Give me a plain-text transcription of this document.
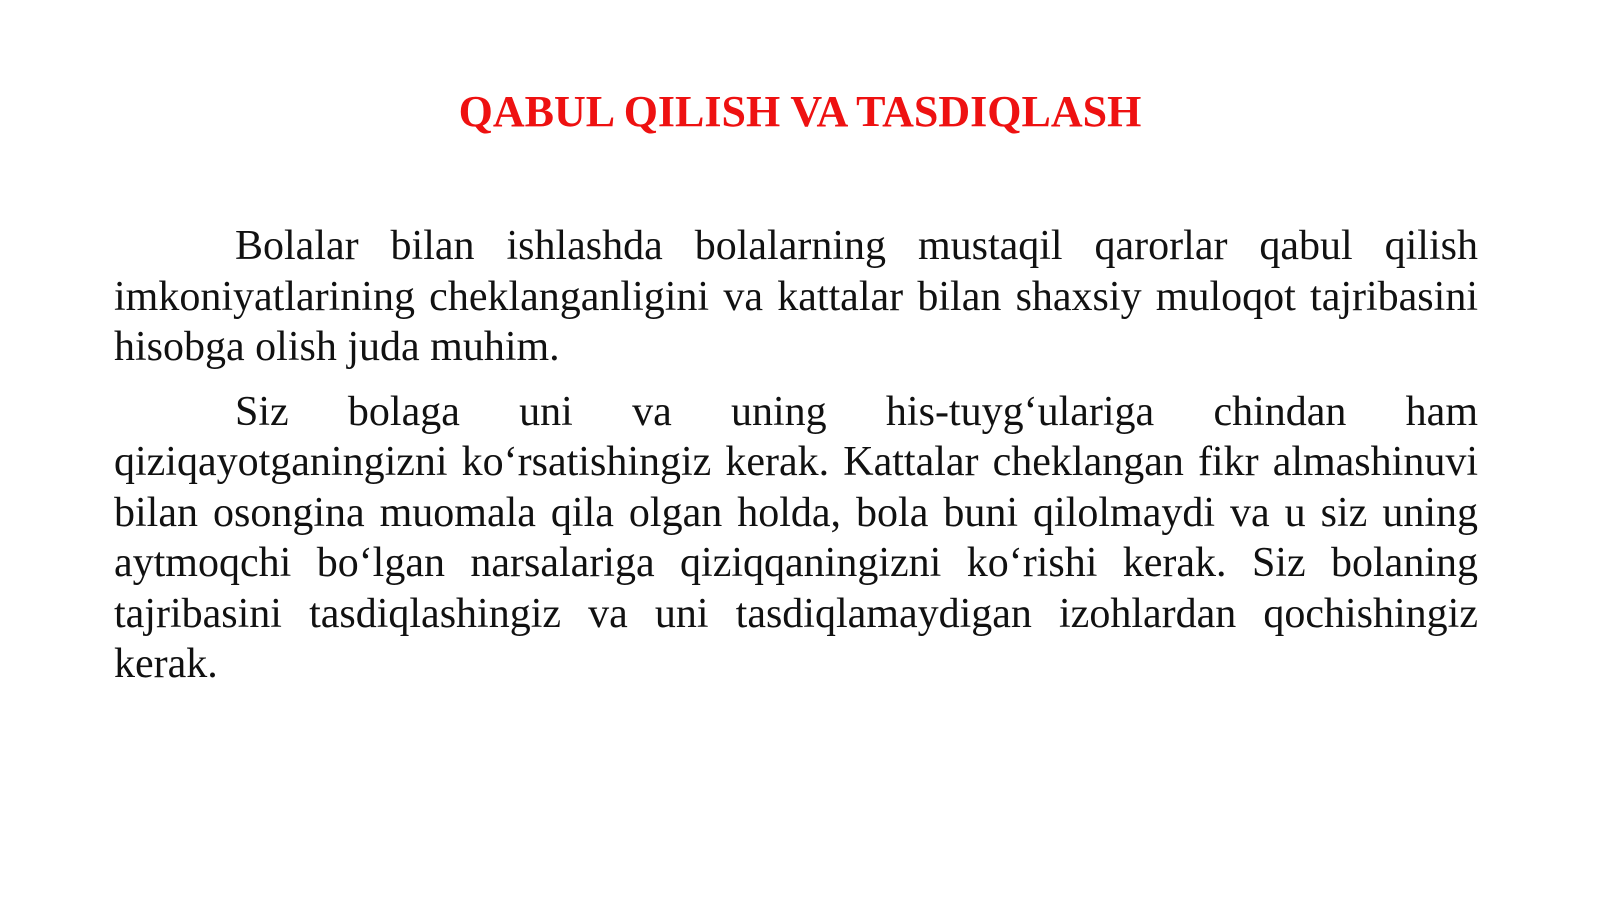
QABUL QILISH VA TASDIQLASH

Bolalar bilan ishlashda bolalarning mustaqil qarorlar qabul qilish imkoniyatlarining cheklanganligini va kattalar bilan shaxsiy muloqot tajribasini hisobga olish juda muhim.

Siz bolaga uni va uning his-tuyg‘ulariga chindan ham qiziqayotganingizni ko‘rsatishingiz kerak. Kattalar cheklangan fikr almashinuvi bilan osongina muomala qila olgan holda, bola buni qilolmaydi va u siz uning aytmoqchi bo‘lgan narsalariga qiziqqaningizni ko‘rishi kerak. Siz bolaning tajribasini tasdiqlashingiz va uni tasdiqlamaydigan izohlardan qochishingiz kerak.
